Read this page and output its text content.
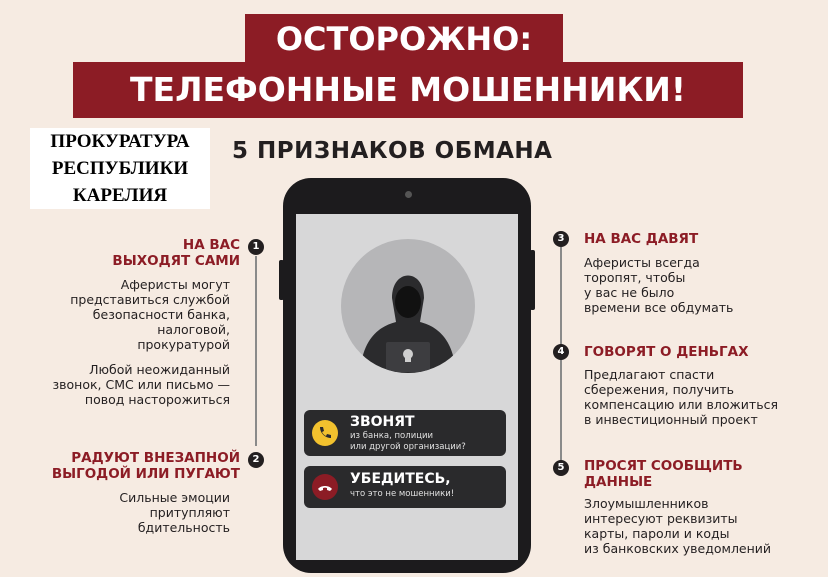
ОСТОРОЖНО:
ТЕЛЕФОННЫЕ МОШЕННИКИ!
ПРОКУРАТУРА
РЕСПУБЛИКИ
КАРЕЛИЯ
5 ПРИЗНАКОВ ОБМАНА
ЗВОНЯТ
из банка, полиции
или другой организации?
УБЕДИТЕСЬ,
что это не мошенники!
1
НА ВАС
ВЫХОДЯТ САМИ
Аферисты могут
представиться службой
безопасности банка,
налоговой,
прокуратурой
Любой неожиданный
звонок, СМС или письмо —
повод насторожиться
2
РАДУЮТ ВНЕЗАПНОЙ
ВЫГОДОЙ ИЛИ ПУГАЮТ
Сильные эмоции
притупляют
бдительность
3	НА ВАС ДАВЯТ
Аферисты всегда
торопят, чтобы
у вас не было
времени все обдумать
4	ГОВОРЯТ О ДЕНЬГАХ
Предлагают спасти
сбережения, получить
компенсацию или вложиться
в инвестиционный проект
5	ПРОСЯТ СООБЩИТЬ
ДАННЫЕ
Злоумышленников
интересуют реквизиты
карты, пароли и коды
из банковских уведомлений
